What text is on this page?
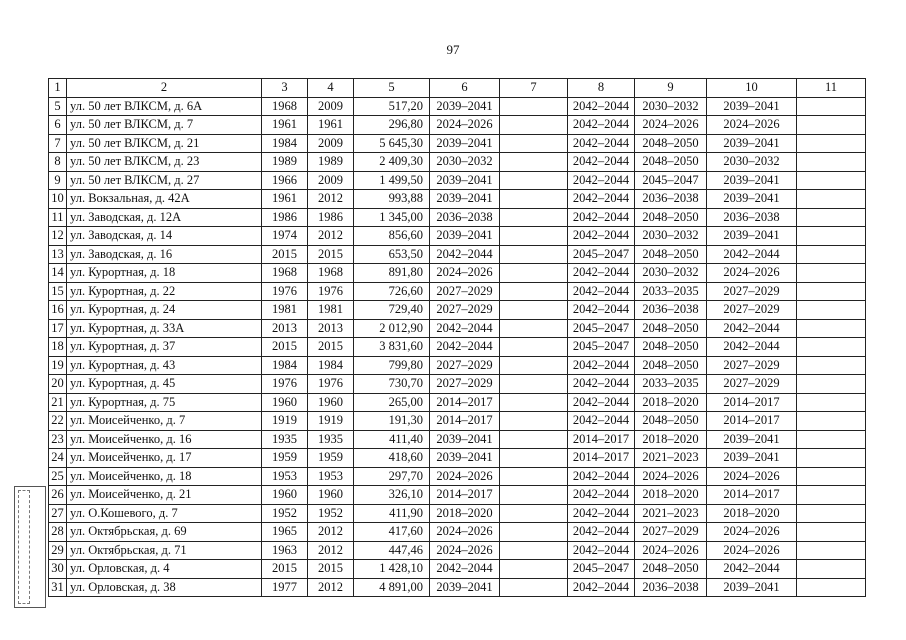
97
1	2	3	4	5	6	7	8	9	10	11
5	ул. 50 лет ВЛКСМ, д. 6А	1968	2009	517,20	2039–2041		2042–2044	2030–2032	2039–2041	
6	ул. 50 лет ВЛКСМ, д. 7	1961	1961	296,80	2024–2026		2042–2044	2024–2026	2024–2026	
7	ул. 50 лет ВЛКСМ, д. 21	1984	2009	5 645,30	2039–2041		2042–2044	2048–2050	2039–2041	
8	ул. 50 лет ВЛКСМ, д. 23	1989	1989	2 409,30	2030–2032		2042–2044	2048–2050	2030–2032	
9	ул. 50 лет ВЛКСМ, д. 27	1966	2009	1 499,50	2039–2041		2042–2044	2045–2047	2039–2041	
10	ул. Вокзальная, д. 42А	1961	2012	993,88	2039–2041		2042–2044	2036–2038	2039–2041	
11	ул. Заводская, д. 12А	1986	1986	1 345,00	2036–2038		2042–2044	2048–2050	2036–2038	
12	ул. Заводская, д. 14	1974	2012	856,60	2039–2041		2042–2044	2030–2032	2039–2041	
13	ул. Заводская, д. 16	2015	2015	653,50	2042–2044		2045–2047	2048–2050	2042–2044	
14	ул. Курортная, д. 18	1968	1968	891,80	2024–2026		2042–2044	2030–2032	2024–2026	
15	ул. Курортная, д. 22	1976	1976	726,60	2027–2029		2042–2044	2033–2035	2027–2029	
16	ул. Курортная, д. 24	1981	1981	729,40	2027–2029		2042–2044	2036–2038	2027–2029	
17	ул. Курортная, д. 33А	2013	2013	2 012,90	2042–2044		2045–2047	2048–2050	2042–2044	
18	ул. Курортная, д. 37	2015	2015	3 831,60	2042–2044		2045–2047	2048–2050	2042–2044	
19	ул. Курортная, д. 43	1984	1984	799,80	2027–2029		2042–2044	2048–2050	2027–2029	
20	ул. Курортная, д. 45	1976	1976	730,70	2027–2029		2042–2044	2033–2035	2027–2029	
21	ул. Курортная, д. 75	1960	1960	265,00	2014–2017		2042–2044	2018–2020	2014–2017	
22	ул. Моисейченко, д. 7	1919	1919	191,30	2014–2017		2042–2044	2048–2050	2014–2017	
23	ул. Моисейченко, д. 16	1935	1935	411,40	2039–2041		2014–2017	2018–2020	2039–2041	
24	ул. Моисейченко, д. 17	1959	1959	418,60	2039–2041		2014–2017	2021–2023	2039–2041	
25	ул. Моисейченко, д. 18	1953	1953	297,70	2024–2026		2042–2044	2024–2026	2024–2026	
26	ул. Моисейченко, д. 21	1960	1960	326,10	2014–2017		2042–2044	2018–2020	2014–2017	
27	ул. О.Кошевого, д. 7	1952	1952	411,90	2018–2020		2042–2044	2021–2023	2018–2020	
28	ул. Октябрьская, д. 69	1965	2012	417,60	2024–2026		2042–2044	2027–2029	2024–2026	
29	ул. Октябрьская, д. 71	1963	2012	447,46	2024–2026		2042–2044	2024–2026	2024–2026	
30	ул. Орловская, д. 4	2015	2015	1 428,10	2042–2044		2045–2047	2048–2050	2042–2044	
31	ул. Орловская, д. 38	1977	2012	4 891,00	2039–2041		2042–2044	2036–2038	2039–2041	
